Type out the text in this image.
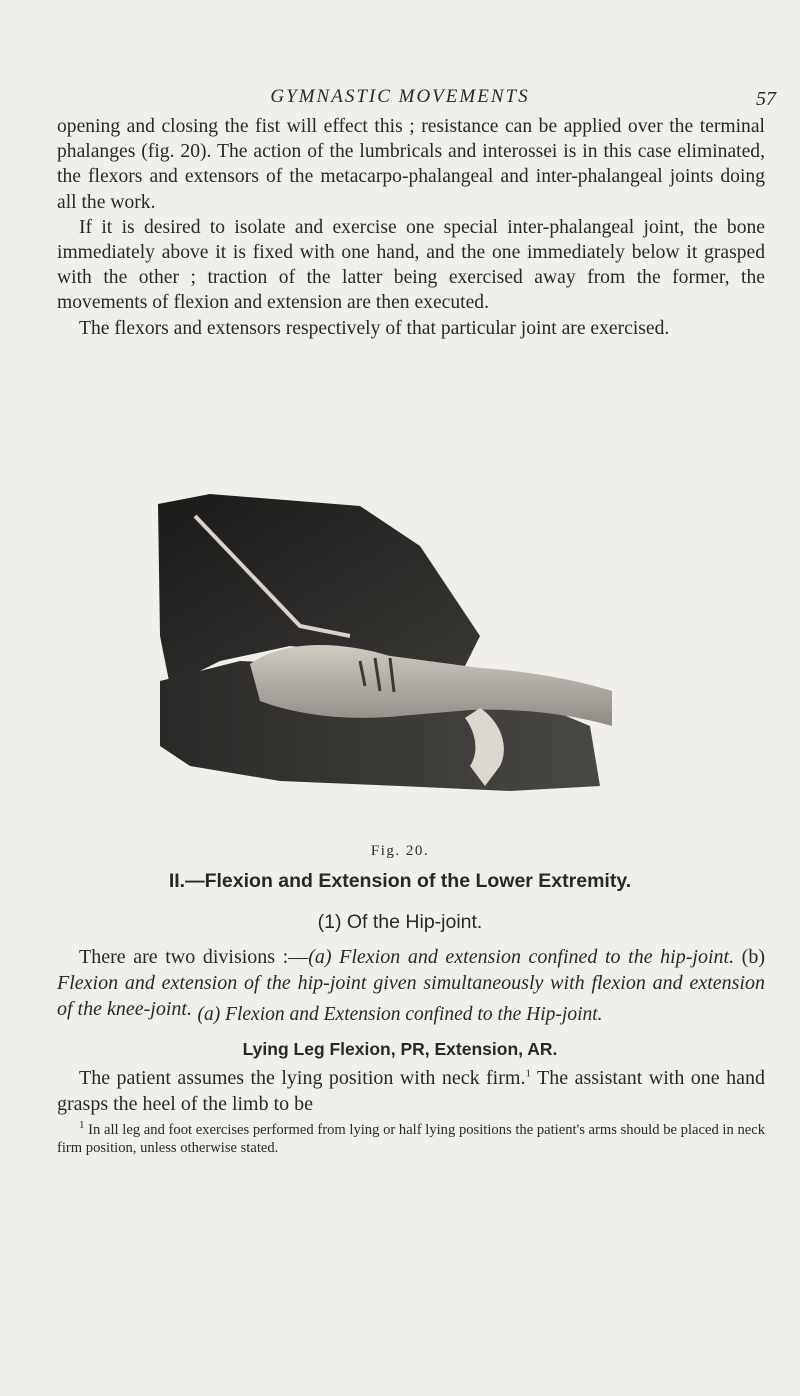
GYMNASTIC MOVEMENTS	57

opening and closing the fist will effect this ; resistance can be applied over the terminal phalanges (fig. 20). The action of the lumbricals and interossei is in this case eliminated, the flexors and extensors of the metacarpo-phalangeal and inter-phalangeal joints doing all the work.

If it is desired to isolate and exercise one special inter-phalangeal joint, the bone immediately above it is fixed with one hand, and the one immediately below it grasped with the other ; traction of the latter being exercised away from the former, the movements of flexion and extension are then executed.

The flexors and extensors respectively of that particular joint are exercised.

Fig. 20.
II.—Flexion and Extension of the Lower Extremity.
(1) Of the Hip-joint.
There are two divisions :—(a) Flexion and extension confined to the hip-joint. (b) Flexion and extension of the hip-joint given simultaneously with flexion and extension of the knee-joint. (a) Flexion and Extension confined to the Hip-joint.
Lying Leg Flexion, PR, Extension, AR.
The patient assumes the lying position with neck firm.$^1$ The assistant with one hand grasps the heel of the limb to be
$^1$ In all leg and foot exercises performed from lying or half lying positions the patient's arms should be placed in neck firm position, unless otherwise stated.
